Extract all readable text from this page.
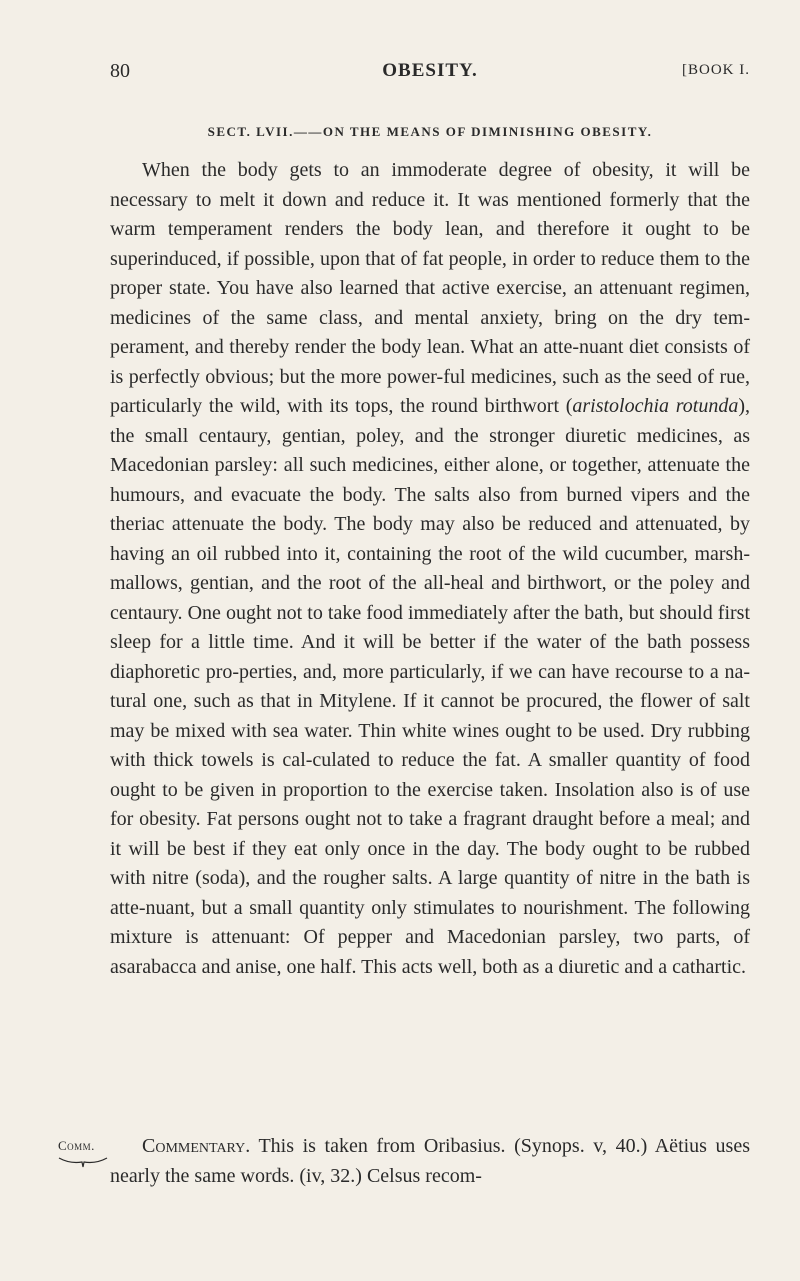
80	OBESITY.	[BOOK I.
SECT. LVII.——ON THE MEANS OF DIMINISHING OBESITY.

When the body gets to an immoderate degree of obesity, it will be necessary to melt it down and reduce it. It was mentioned formerly that the warm temperament renders the body lean, and therefore it ought to be superinduced, if possible, upon that of fat people, in order to reduce them to the proper state. You have also learned that active exercise, an attenuant regimen, medicines of the same class, and mental anxiety, bring on the dry tem-perament, and thereby render the body lean. What an atte-nuant diet consists of is perfectly obvious; but the more power-ful medicines, such as the seed of rue, particularly the wild, with its tops, the round birthwort (aristolochia rotunda), the small centaury, gentian, poley, and the stronger diuretic medicines, as Macedonian parsley: all such medicines, either alone, or together, attenuate the humours, and evacuate the body. The salts also from burned vipers and the theriac attenuate the body. The body may also be reduced and attenuated, by having an oil rubbed into it, containing the root of the wild cucumber, marsh-mallows, gentian, and the root of the all-heal and birthwort, or the poley and centaury. One ought not to take food immediately after the bath, but should first sleep for a little time. And it will be better if the water of the bath possess diaphoretic pro-perties, and, more particularly, if we can have recourse to a na-tural one, such as that in Mitylene. If it cannot be procured, the flower of salt may be mixed with sea water. Thin white wines ought to be used. Dry rubbing with thick towels is cal-culated to reduce the fat. A smaller quantity of food ought to be given in proportion to the exercise taken. Insolation also is of use for obesity. Fat persons ought not to take a fragrant draught before a meal; and it will be best if they eat only once in the day. The body ought to be rubbed with nitre (soda), and the rougher salts. A large quantity of nitre in the bath is atte-nuant, but a small quantity only stimulates to nourishment. The following mixture is attenuant: Of pepper and Macedonian parsley, two parts, of asarabacca and anise, one half. This acts well, both as a diuretic and a cathartic.

Comm.	Commentary. This is taken from Oribasius. (Synops. v, 40.) Aëtius uses nearly the same words. (iv, 32.) Celsus recom-
